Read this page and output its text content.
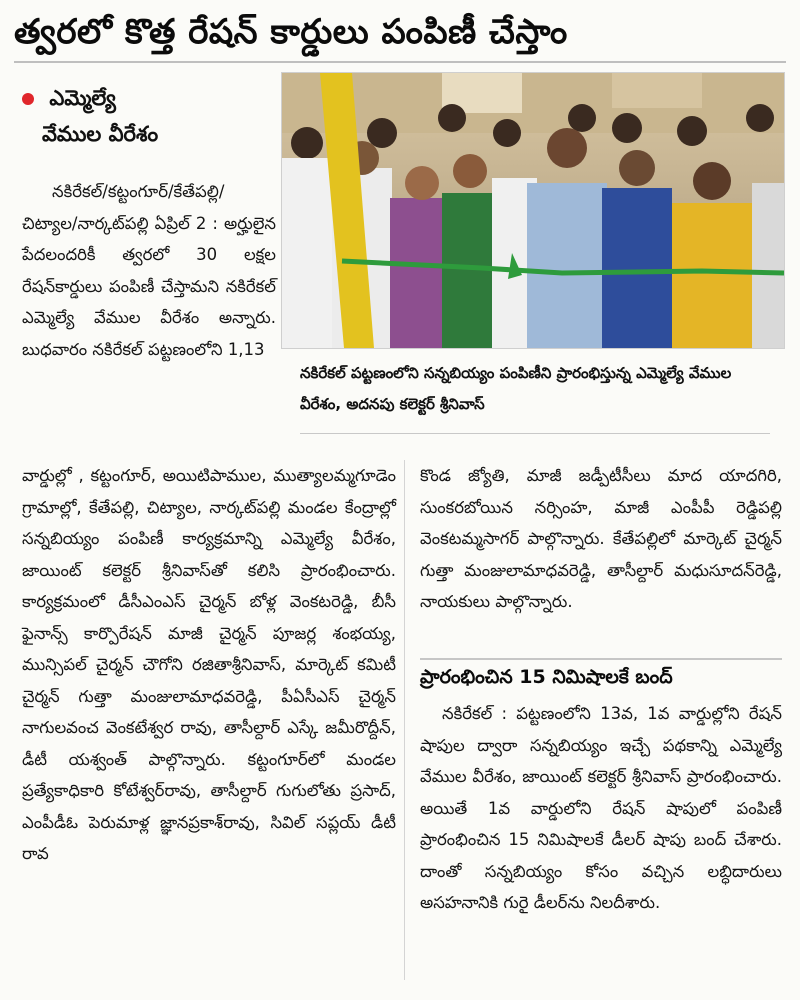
త్వరలో కొత్త రేషన్ కార్డులు పంపిణీ చేస్తాం
ఎమ్మెల్యే
వేముల వీరేశం
నకిరేకల్/కట్టంగూర్/కేతేపల్లి/చిట్యాల/నార్కట్‌పల్లి ఏప్రిల్ 2 : అర్హులైన పేదలందరికీ త్వరలో 30 లక్షల రేషన్‌కార్డులు పంపిణీ చేస్తామని నకిరేకల్ ఎమ్మెల్యే వేముల వీరేశం అన్నారు. బుధవారం నకిరేకల్ పట్టణంలోని 1,13
నకిరేకల్ పట్టణంలోని సన్నబియ్యం పంపిణీని ప్రారంభిస్తున్న ఎమ్మెల్యే వేముల వీరేశం, అదనపు కలెక్టర్ శ్రీనివాస్
వార్డుల్లో , కట్టంగూర్, అయిటిపాముల, ముత్యాలమ్మగూడెం గ్రామాల్లో, కేతేపల్లి, చిట్యాల, నార్కట్‌పల్లి మండల కేంద్రాల్లో సన్నబియ్యం పంపిణీ కార్యక్రమాన్ని ఎమ్మెల్యే వీరేశం, జాయింట్ కలెక్టర్ శ్రీనివాస్‌తో కలిసి ప్రారంభించారు. కార్యక్రమంలో డీసీఎంఎస్ చైర్మన్ బోళ్ల వెంకటరెడ్డి, బీసీ ఫైనాన్స్ కార్పొరేషన్ మాజీ చైర్మన్ పూజర్ల శంభయ్య, మున్సిపల్ చైర్మన్ చౌగోని రజితాశ్రీనివాస్, మార్కెట్ కమిటీ చైర్మన్ గుత్తా మంజులామాధవరెడ్డి, పీఏసీఎస్ చైర్మన్ నాగులవంచ వెంకటేశ్వర రావు, తాసీల్దార్ ఎస్కే జమీరొద్దీన్, డీటీ యశ్వంత్ పాల్గొన్నారు. కట్టంగూర్‌లో మండల ప్రత్యేకాధికారి కోటేశ్వర్‌రావు, తాసీల్దార్ గుగులోతు ప్రసాద్, ఎంపీడీఓ పెరుమాళ్ల జ్ఞానప్రకాశ్‌రావు, సివిల్ సప్లయ్ డీటీ రావ
కొండ జ్యోతి, మాజీ జడ్పీటీసీలు మాద యాదగిరి, సుంకరబోయిన నర్సింహ, మాజీ ఎంపీపీ రెడ్డిపల్లి వెంకటమ్మసాగర్ పాల్గొన్నారు. కేతేపల్లిలో మార్కెట్ చైర్మన్ గుత్తా మంజులామాధవరెడ్డి, తాసీల్దార్ మధుసూదన్‌రెడ్డి, నాయకులు పాల్గొన్నారు.
ప్రారంభించిన 15 నిమిషాలకే బంద్
నకిరేకల్ : పట్టణంలోని 13వ, 1వ వార్డుల్లోని రేషన్ షాపుల ద్వారా సన్నబియ్యం ఇచ్చే పథకాన్ని ఎమ్మెల్యే వేముల వీరేశం, జాయింట్ కలెక్టర్ శ్రీనివాస్ ప్రారంభించారు. అయితే 1వ వార్డులోని రేషన్ షాపులో పంపిణీ ప్రారంభించిన 15 నిమిషాలకే డీలర్ షాపు బంద్ చేశారు. దాంతో సన్నబియ్యం కోసం వచ్చిన లబ్ధిదారులు అసహనానికి గురై డీలర్‌ను నిలదీశారు.
